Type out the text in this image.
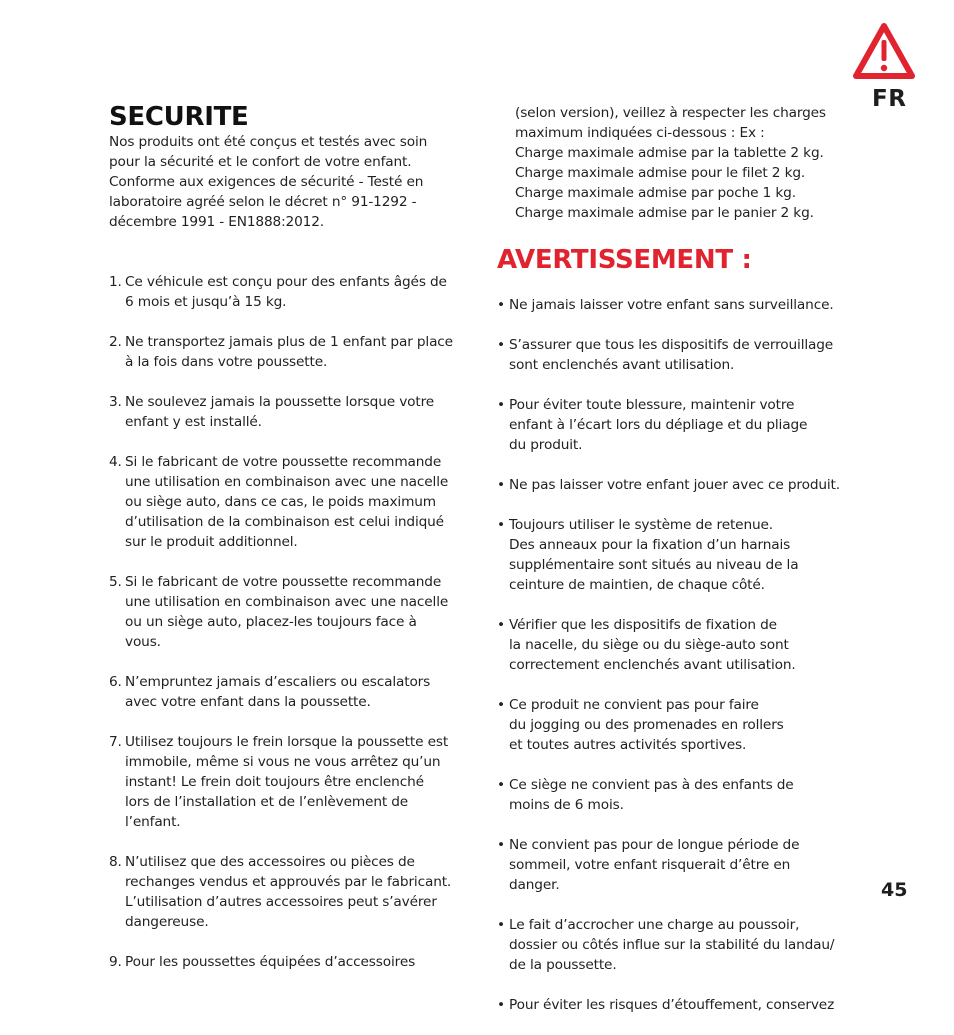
FR
SECURITE

Nos produits ont été conçus et testés avec soin
pour la sécurité et le confort de votre enfant.
Conforme aux exigences de sécurité - Testé en
laboratoire agréé selon le décret n° 91-1292 -
décembre 1991 - EN1888:2012.

1. Ce véhicule est conçu pour des enfants âgés de
6 mois et jusqu’à 15 kg.

2. Ne transportez jamais plus de 1 enfant par place
à la fois dans votre poussette.

3. Ne soulevez jamais la poussette lorsque votre
enfant y est installé.

4. Si le fabricant de votre poussette recommande
une utilisation en combinaison avec une nacelle
ou siège auto, dans ce cas, le poids maximum
d’utilisation de la combinaison est celui indiqué
sur le produit additionnel.

5. Si le fabricant de votre poussette recommande
une utilisation en combinaison avec une nacelle
ou un siège auto, placez-les toujours face à
vous.

6. N’empruntez jamais d’escaliers ou escalators
avec votre enfant dans la poussette.

7. Utilisez toujours le frein lorsque la poussette est
immobile, même si vous ne vous arrêtez qu’un
instant! Le frein doit toujours être enclenché
lors de l’installation et de l’enlèvement de
l’enfant.

8. N’utilisez que des accessoires ou pièces de
rechanges vendus et approuvés par le fabricant.
L’utilisation d’autres accessoires peut s’avérer
dangereuse.

9. Pour les poussettes équipées d’accessoires

(selon version), veillez à respecter les charges
maximum indiquées ci-dessous : Ex :
Charge maximale admise par la tablette 2 kg.
Charge maximale admise pour le filet 2 kg.
Charge maximale admise par poche 1 kg.
Charge maximale admise par le panier 2 kg.

AVERTISSEMENT :

• Ne jamais laisser votre enfant sans surveillance.

• S’assurer que tous les dispositifs de verrouillage
sont enclenchés avant utilisation.

• Pour éviter toute blessure, maintenir votre
enfant à l’écart lors du dépliage et du pliage
du produit.

• Ne pas laisser votre enfant jouer avec ce produit.

• Toujours utiliser le système de retenue.
Des anneaux pour la fixation d’un harnais
supplémentaire sont situés au niveau de la
ceinture de maintien, de chaque côté.

• Vérifier que les dispositifs de fixation de
la nacelle, du siège ou du siège-auto sont
correctement enclenchés avant utilisation.

• Ce produit ne convient pas pour faire
du jogging ou des promenades en rollers
et toutes autres activités sportives.

• Ce siège ne convient pas à des enfants de
moins de 6 mois.

• Ne convient pas pour de longue période de
sommeil, votre enfant risquerait d’être en
danger.

• Le fait d’accrocher une charge au poussoir,
dossier ou côtés influe sur la stabilité du landau/
de la poussette.

• Pour éviter les risques d’étouffement, conservez

45
